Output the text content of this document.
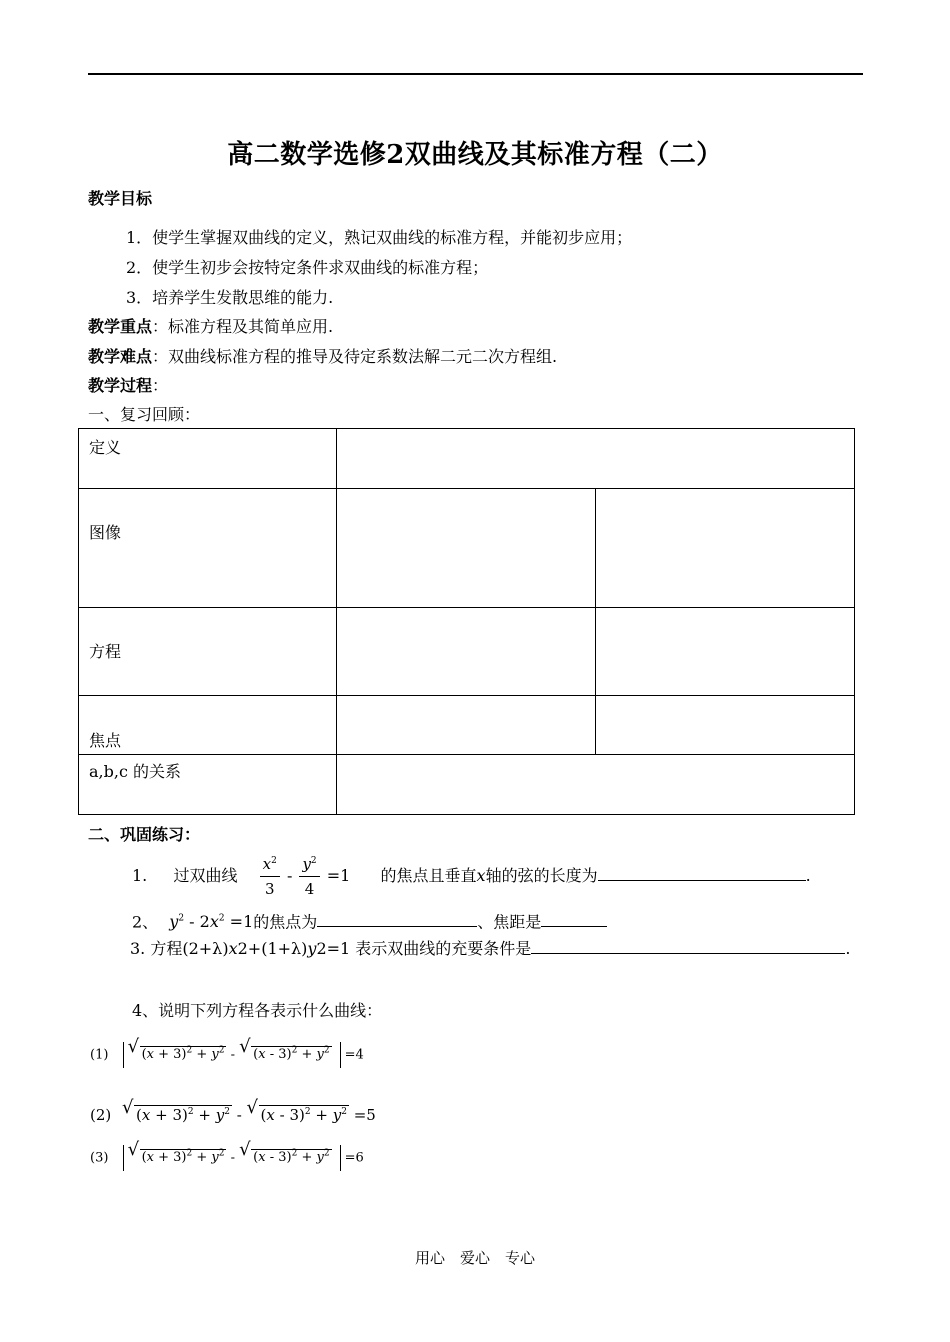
高二数学选修2双曲线及其标准方程（二）
教学目标
1．使学生掌握双曲线的定义，熟记双曲线的标准方程，并能初步应用；
2．使学生初步会按特定条件求双曲线的标准方程；
3．培养学生发散思维的能力.
教学重点：标准方程及其简单应用.
教学难点：双曲线标准方程的推导及待定系数法解二元二次方程组.
教学过程：
一、复习回顾：
定义		
图像		
方程		
焦点		
a,b,c 的关系		
二、巩固练习：
1. 过双曲线 $\frac{x^2}{3} - \frac{y^2}{4} =1$  的焦点且垂直x轴的弦的长度为	.
2、 $y^2 - 2x^2 =1$的焦点为	、焦距是
3. 方程(2+λ)x2+(1+λ)y2=1 表示双曲线的充要条件是	.
4、说明下列方程各表示什么曲线：
(1)	√ $(x + 3)^2 + y^2$ - √ $(x - 3)^2 + y^2 =4$
(2) √ $(x + 3)^2 + y^2$ - √ $(x - 3)^2 + y^2 =5$
(3)	√ $(x + 3)^2 + y^2$ - √ $(x - 3)^2 + y^2 =6$
用心　爱心　专心
